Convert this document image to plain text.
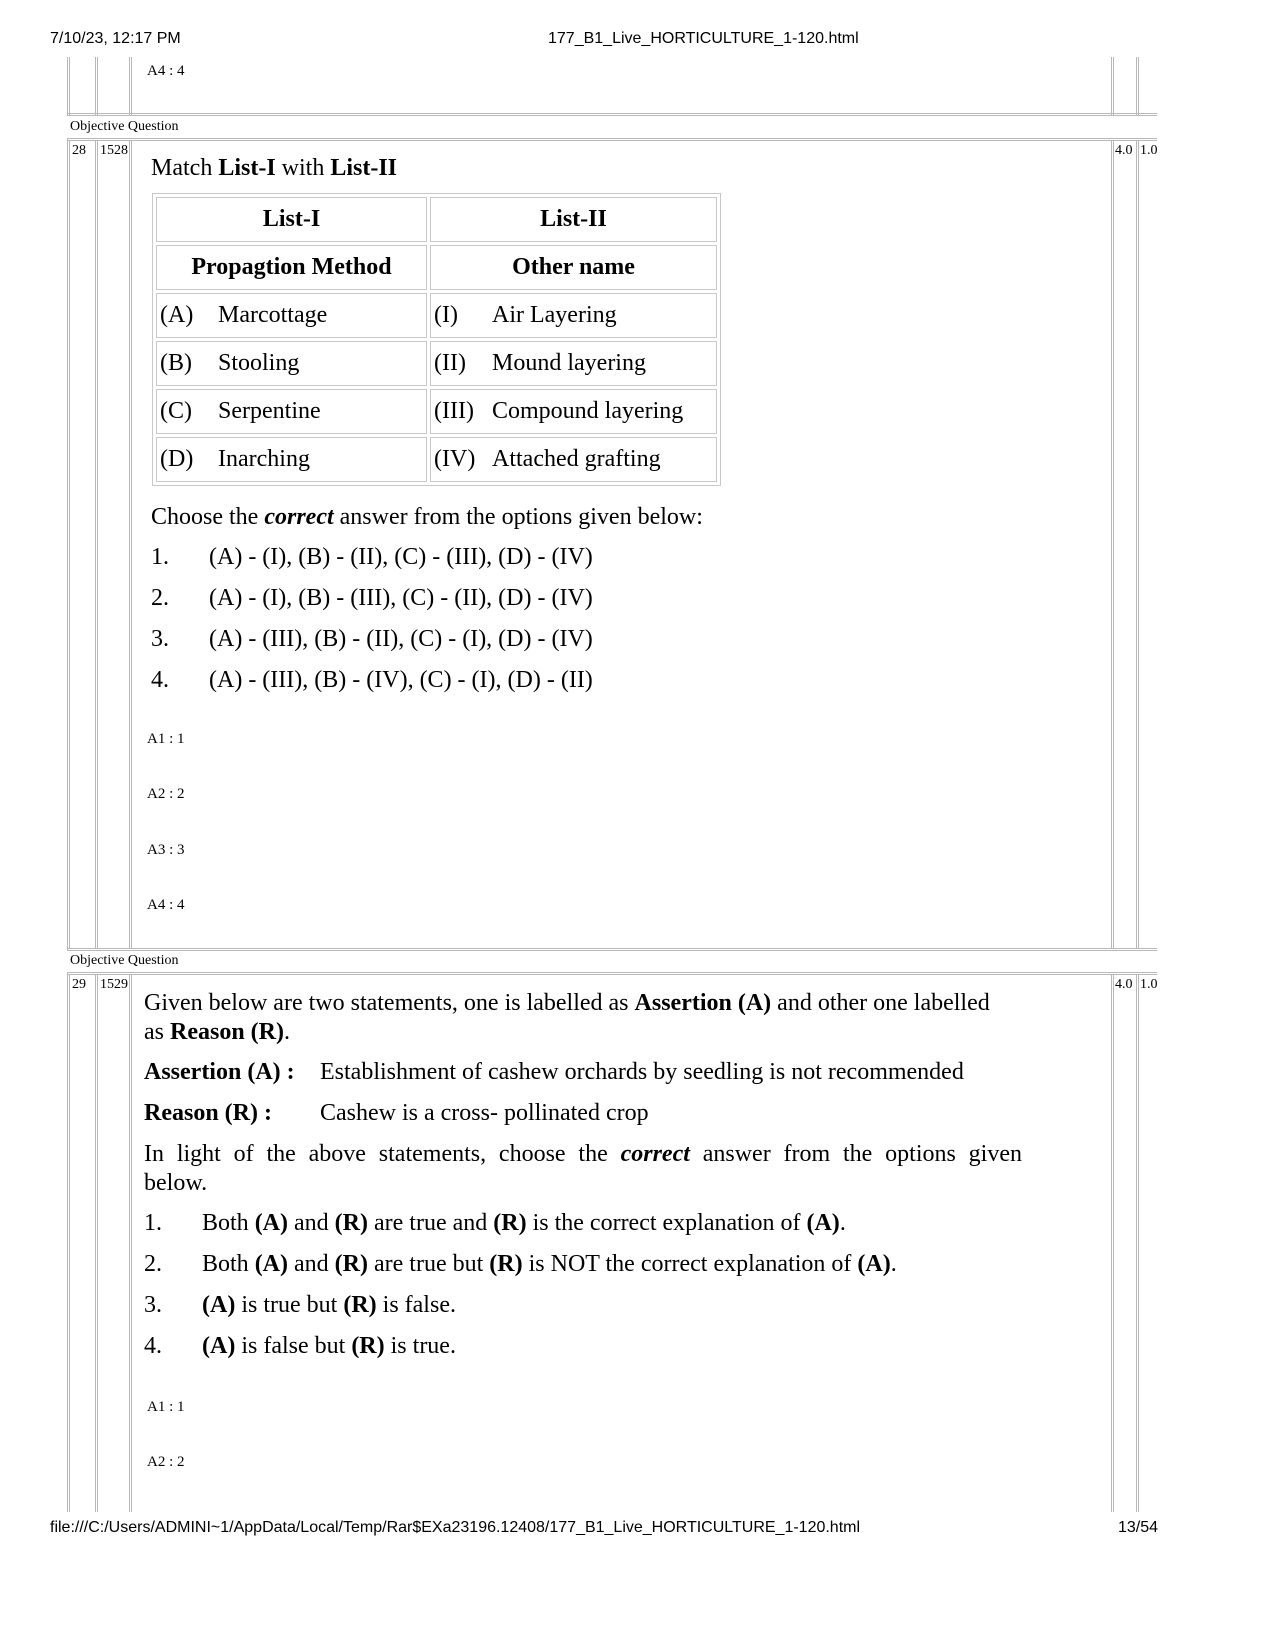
7/10/23, 12:17 PM	177_B1_Live_HORTICULTURE_1-120.html
A4 : 4
Objective Question
28 1528	4.0 1.0
Match List-I with List-II
List-I	List-II
Propagtion Method	Other name
(A) Marcottage	(I) Air Layering
(B) Stooling	(II) Mound layering
(C) Serpentine	(III) Compound layering
(D) Inarching	(IV) Attached grafting
Choose the correct answer from the options given below:
1. (A) - (I), (B) - (II), (C) - (III), (D) - (IV)
2. (A) - (I), (B) - (III), (C) - (II), (D) - (IV)
3. (A) - (III), (B) - (II), (C) - (I), (D) - (IV)
4. (A) - (III), (B) - (IV), (C) - (I), (D) - (II)
A1 : 1
A2 : 2
A3 : 3
A4 : 4
Objective Question
29 1529	4.0 1.0
Given below are two statements, one is labelled as Assertion (A) and other one labelled
as Reason (R).
Assertion (A) : Establishment of cashew orchards by seedling is not recommended
Reason (R) : Cashew is a cross- pollinated crop
In light of the above statements, choose the correct answer from the options given
below.
1. Both (A) and (R) are true and (R) is the correct explanation of (A).
2. Both (A) and (R) are true but (R) is NOT the correct explanation of (A).
3. (A) is true but (R) is false.
4. (A) is false but (R) is true.
A1 : 1
A2 : 2
file:///C:/Users/ADMINI~1/AppData/Local/Temp/Rar$EXa23196.12408/177_B1_Live_HORTICULTURE_1-120.html	13/54
